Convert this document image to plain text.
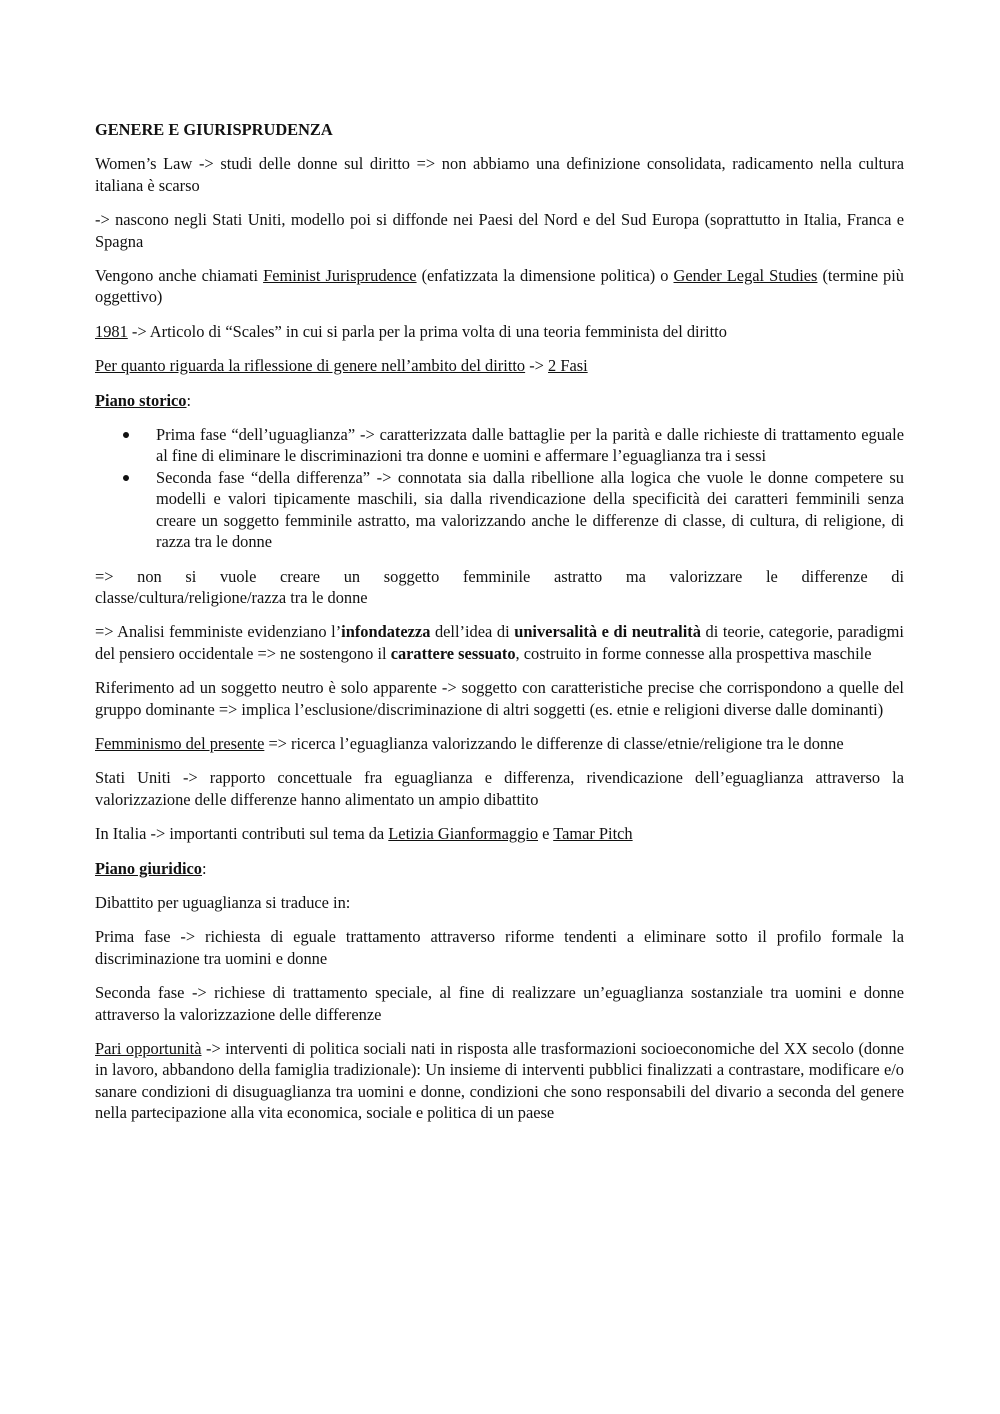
GENERE E GIURISPRUDENZA

Women’s Law -> studi delle donne sul diritto => non abbiamo una definizione consolidata, radicamento nella cultura italiana è scarso

-> nascono negli Stati Uniti, modello poi si diffonde nei Paesi del Nord e del Sud Europa (soprattutto in Italia, Franca e Spagna

Vengono anche chiamati Feminist Jurisprudence (enfatizzata la dimensione politica) o Gender Legal Studies (termine più oggettivo)

1981 -> Articolo di “Scales” in cui si parla per la prima volta di una teoria femminista del diritto

Per quanto riguarda la riflessione di genere nell’ambito del diritto -> 2 Fasi

Piano storico:

Prima fase “dell’uguaglianza” -> caratterizzata dalle battaglie per la parità e dalle richieste di trattamento eguale al fine di eliminare le discriminazioni tra donne e uomini e affermare l’eguaglianza tra i sessi
Seconda fase “della differenza” -> connotata sia dalla ribellione alla logica che vuole le donne competere su modelli e valori tipicamente maschili, sia dalla rivendicazione della specificità dei caratteri femminili senza creare un soggetto femminile astratto, ma valorizzando anche le differenze di classe, di cultura, di religione, di razza tra le donne

=> non si vuole creare un soggetto femminile astratto ma valorizzare le differenze di
classe/cultura/religione/razza tra le donne

=> Analisi femministe evidenziano l’infondatezza dell’idea di universalità e di neutralità di teorie, categorie, paradigmi del pensiero occidentale => ne sostengono il carattere sessuato, costruito in forme connesse alla prospettiva maschile

Riferimento ad un soggetto neutro è solo apparente -> soggetto con caratteristiche precise che corrispondono a quelle del gruppo dominante => implica l’esclusione/discriminazione di altri soggetti (es. etnie e religioni diverse dalle dominanti)

Femminismo del presente => ricerca l’eguaglianza valorizzando le differenze di classe/etnie/religione tra le donne

Stati Uniti -> rapporto concettuale fra eguaglianza e differenza, rivendicazione dell’eguaglianza attraverso la valorizzazione delle differenze hanno alimentato un ampio dibattito

In Italia -> importanti contributi sul tema da Letizia Gianformaggio e Tamar Pitch

Piano giuridico:

Dibattito per uguaglianza si traduce in:

Prima fase -> richiesta di eguale trattamento attraverso riforme tendenti a eliminare sotto il profilo formale la discriminazione tra uomini e donne

Seconda fase -> richiese di trattamento speciale, al fine di realizzare un’eguaglianza sostanziale tra uomini e donne attraverso la valorizzazione delle differenze

Pari opportunità -> interventi di politica sociali nati in risposta alle trasformazioni socioeconomiche del XX secolo (donne in lavoro, abbandono della famiglia tradizionale): Un insieme di interventi pubblici finalizzati a contrastare, modificare e/o sanare condizioni di disuguaglianza tra uomini e donne, condizioni che sono responsabili del divario a seconda del genere nella partecipazione alla vita economica, sociale e politica di un paese
